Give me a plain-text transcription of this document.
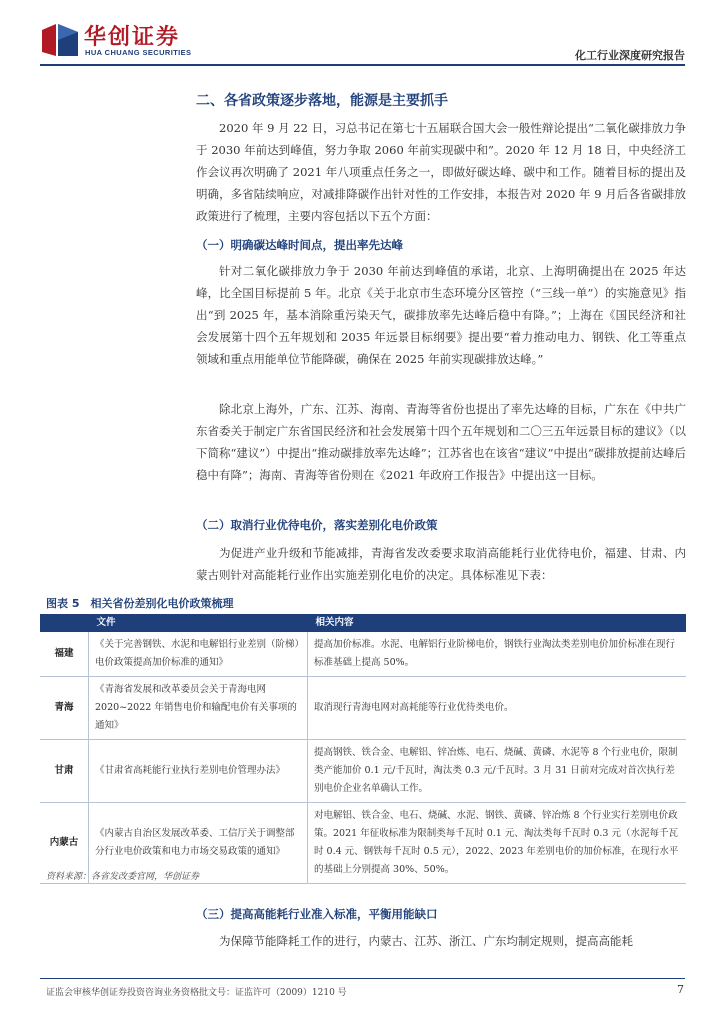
华创证券
HUA CHUANG SECURITIES	化工行业深度研究报告
二、各省政策逐步落地，能源是主要抓手

2020 年 9 月 22 日，习总书记在第七十五届联合国大会一般性辩论提出“二氧化碳排放力争于 2030 年前达到峰值，努力争取 2060 年前实现碳中和”。2020 年 12 月 18 日，中央经济工作会议再次明确了 2021 年八项重点任务之一，即做好碳达峰、碳中和工作。随着目标的提出及明确，多省陆续响应，对减排降碳作出针对性的工作安排，本报告对 2020 年 9 月后各省碳排放政策进行了梳理，主要内容包括以下五个方面：

（一）明确碳达峰时间点，提出率先达峰

针对二氧化碳排放力争于 2030 年前达到峰值的承诺，北京、上海明确提出在 2025 年达峰，比全国目标提前 5 年。北京《关于北京市生态环境分区管控（“三线一单”）的实施意见》指出“到 2025 年，基本消除重污染天气，碳排放率先达峰后稳中有降。”；上海在《国民经济和社会发展第十四个五年规划和 2035 年远景目标纲要》提出要“着力推动电力、钢铁、化工等重点领域和重点用能单位节能降碳，确保在 2025 年前实现碳排放达峰。”

除北京上海外，广东、江苏、海南、青海等省份也提出了率先达峰的目标，广东在《中共广东省委关于制定广东省国民经济和社会发展第十四个五年规划和二〇三五年远景目标的建议》（以下简称“建议”）中提出“推动碳排放率先达峰”；江苏省也在该省“建议”中提出“碳排放提前达峰后稳中有降”；海南、青海等省份则在《2021 年政府工作报告》中提出这一目标。

（二）取消行业优待电价，落实差别化电价政策

为促进产业升级和节能减排，青海省发改委要求取消高能耗行业优待电价，福建、甘肃、内蒙古则针对高能耗行业作出实施差别化电价的决定。具体标准见下表：

图表 5　相关省份差别化电价政策梳理
	文件	相关内容
福建	《关于完善钢铁、水泥和电解铝行业差别（阶梯）电价政策提高加价标准的通知》	提高加价标准。水泥、电解铝行业阶梯电价，钢铁行业淘汰类差别电价加价标准在现行标准基础上提高 50%。
青海	《青海省发展和改革委员会关于青海电网 2020~2022 年销售电价和输配电价有关事项的通知》	取消现行青海电网对高耗能等行业优待类电价。
甘肃	《甘肃省高耗能行业执行差别电价管理办法》	提高钢铁、铁合金、电解铝、锌冶炼、电石、烧碱、黄磷、水泥等 8 个行业电价，限制类产能加价 0.1 元/千瓦时，淘汰类 0.3 元/千瓦时。3 月 31 日前对完成对首次执行差别电价企业名单确认工作。
内蒙古	《内蒙古自治区发展改革委、工信厅关于调整部分行业电价政策和电力市场交易政策的通知》	对电解铝、铁合金、电石、烧碱、水泥、钢铁、黄磷、锌冶炼 8 个行业实行差别电价政策。2021 年征收标准为限制类每千瓦时 0.1 元、淘汰类每千瓦时 0.3 元（水泥每千瓦时 0.4 元、钢铁每千瓦时 0.5 元），2022、2023 年差别电价的加价标准，在现行水平的基础上分别提高 30%、50%。
资料来源：各省发改委官网，华创证券
（三）提高高能耗行业准入标准，平衡用能缺口

为保障节能降耗工作的进行，内蒙古、江苏、浙江、广东均制定规则，提高高能耗

证监会审核华创证券投资咨询业务资格批文号：证监许可（2009）1210 号	7
